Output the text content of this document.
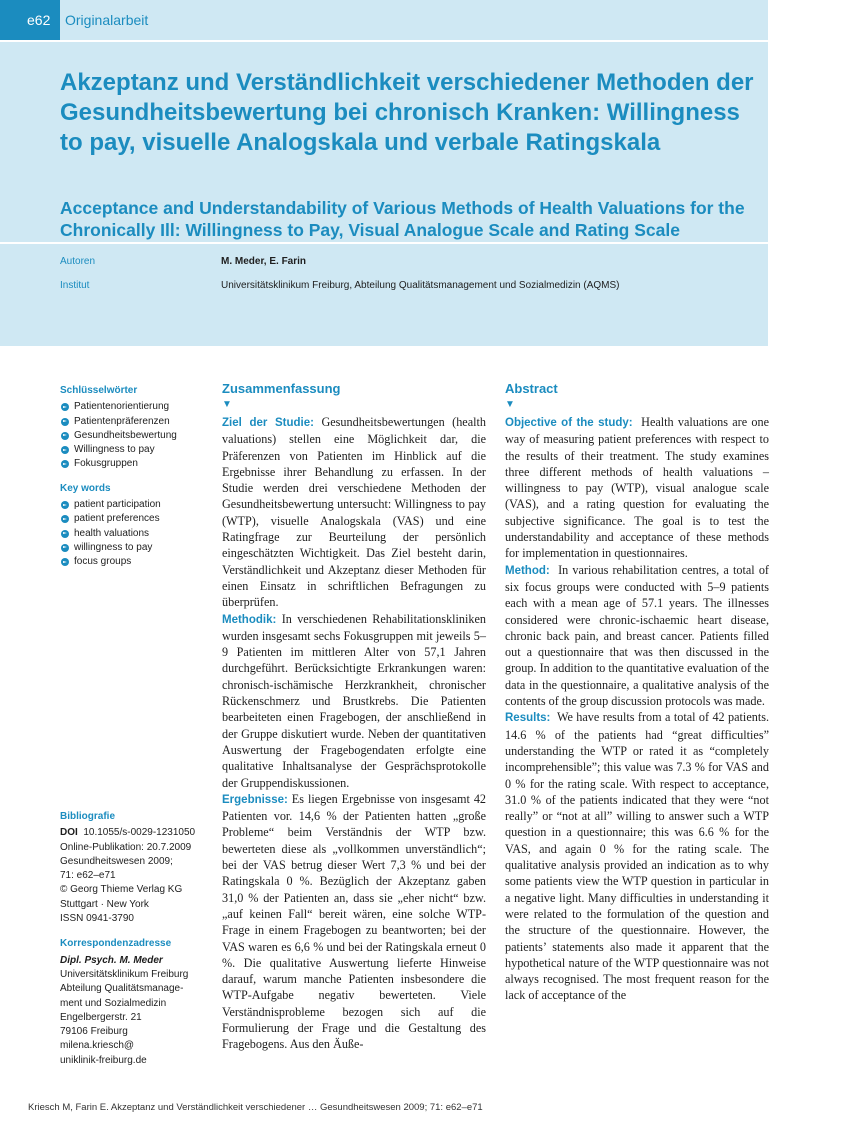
e62	Originalarbeit
Akzeptanz und Verständlichkeit verschiedener Methoden der Gesundheitsbewertung bei chronisch Kranken: Willingness to pay, visuelle Analogskala und verbale Ratingskala
Acceptance and Understandability of Various Methods of Health Valuations for the Chronically Ill: Willingness to Pay, Visual Analogue Scale and Rating Scale
Autoren	M. Meder, E. Farin
Institut	Universitätsklinikum Freiburg, Abteilung Qualitätsmanagement und Sozialmedizin (AQMS)
Schlüsselwörter
Patientenorientierung
Patientenpräferenzen
Gesundheitsbewertung
Willingness to pay
Fokusgruppen
Key words
patient participation
patient preferences
health valuations
willingness to pay
focus groups
Bibliografie
DOI 10.1055/s-0029-1231050
Online-Publikation: 20.7.2009
Gesundheitswesen 2009;
71: e62–e71
© Georg Thieme Verlag KG
Stuttgart · New York
ISSN 0941-3790
Korrespondenzadresse
Dipl. Psych. M. Meder
Universitätsklinikum Freiburg
Abteilung Qualitätsmanage-
ment und Sozialmedizin
Engelbergerstr. 21
79106 Freiburg
milena.kriesch@
uniklinik-freiburg.de
Zusammenfassung
▼

Ziel der Studie: Gesundheitsbewertungen (health valuations) stellen eine Möglichkeit dar, die Präferenzen von Patienten im Hinblick auf die Ergebnisse ihrer Behandlung zu erfassen. In der Studie werden drei verschiedene Methoden der Gesundheitsbewertung untersucht: Willingness to pay (WTP), visuelle Analogskala (VAS) und eine Ratingfrage zur Beurteilung der persönlich eingeschätzten Wichtigkeit. Das Ziel besteht darin, Verständlichkeit und Akzeptanz dieser Methoden für einen Einsatz in schriftlichen Befragungen zu überprüfen.

Methodik: In verschiedenen Rehabilitationskliniken wurden insgesamt sechs Fokusgruppen mit jeweils 5–9 Patienten im mittleren Alter von 57,1 Jahren durchgeführt. Berücksichtigte Erkrankungen waren: chronisch-ischämische Herzkrankheit, chronischer Rückenschmerz und Brustkrebs. Die Patienten bearbeiteten einen Fragebogen, der anschließend in der Gruppe diskutiert wurde. Neben der quantitativen Auswertung der Fragebogendaten erfolgte eine qualitative Inhaltsanalyse der Gesprächsprotokolle der Gruppendiskussionen.

Ergebnisse: Es liegen Ergebnisse von insgesamt 42 Patienten vor. 14,6 % der Patienten hatten „große Probleme“ beim Verständnis der WTP bzw. bewerteten diese als „vollkommen unverständlich“; bei der VAS betrug dieser Wert 7,3 % und bei der Ratingskala 0 %. Bezüglich der Akzeptanz gaben 31,0 % der Patienten an, dass sie „eher nicht“ bzw. „auf keinen Fall“ bereit wären, eine solche WTP-Frage in einem Fragebogen zu beantworten; bei der VAS waren es 6,6 % und bei der Ratingskala erneut 0 %. Die qualitative Auswertung lieferte Hinweise darauf, warum manche Patienten insbesondere die WTP-Aufgabe negativ bewerteten. Viele Verständnisprobleme bezogen sich auf die Formulierung der Frage und die Gestaltung des Fragebogens. Aus den Äuße-

Abstract
▼

Objective of the study: Health valuations are one way of measuring patient preferences with respect to the results of their treatment. The study examines three different methods of health valuations – willingness to pay (WTP), visual analogue scale (VAS), and a rating question for evaluating the subjective significance. The goal is to test the understandability and acceptance of these methods for implementation in questionnaires.

Method: In various rehabilitation centres, a total of six focus groups were conducted with 5–9 patients each with a mean age of 57.1 years. The illnesses considered were chronic-ischaemic heart disease, chronic back pain, and breast cancer. Patients filled out a questionnaire that was then discussed in the group. In addition to the quantitative evaluation of the data in the questionnaire, a qualitative analysis of the contents of the group discussion protocols was made.

Results: We have results from a total of 42 patients. 14.6 % of the patients had “great difficulties” understanding the WTP or rated it as “completely incomprehensible”; this value was 7.3 % for VAS and 0 % for the rating scale. With respect to acceptance, 31.0 % of the patients indicated that they were “not really” or “not at all” willing to answer such a WTP question in a questionnaire; this was 6.6 % for the VAS, and again 0 % for the rating scale. The qualitative analysis provided an indication as to why some patients view the WTP question in particular in a negative light. Many difficulties in understanding it were related to the formulation of the question and the structure of the questionnaire. However, the patients’ statements also made it apparent that the hypothetical nature of the WTP questionnaire was not always recognised. The most frequent reason for the lack of acceptance of the

Kriesch M, Farin E. Akzeptanz und Verständlichkeit verschiedener … Gesundheitswesen 2009; 71: e62–e71
